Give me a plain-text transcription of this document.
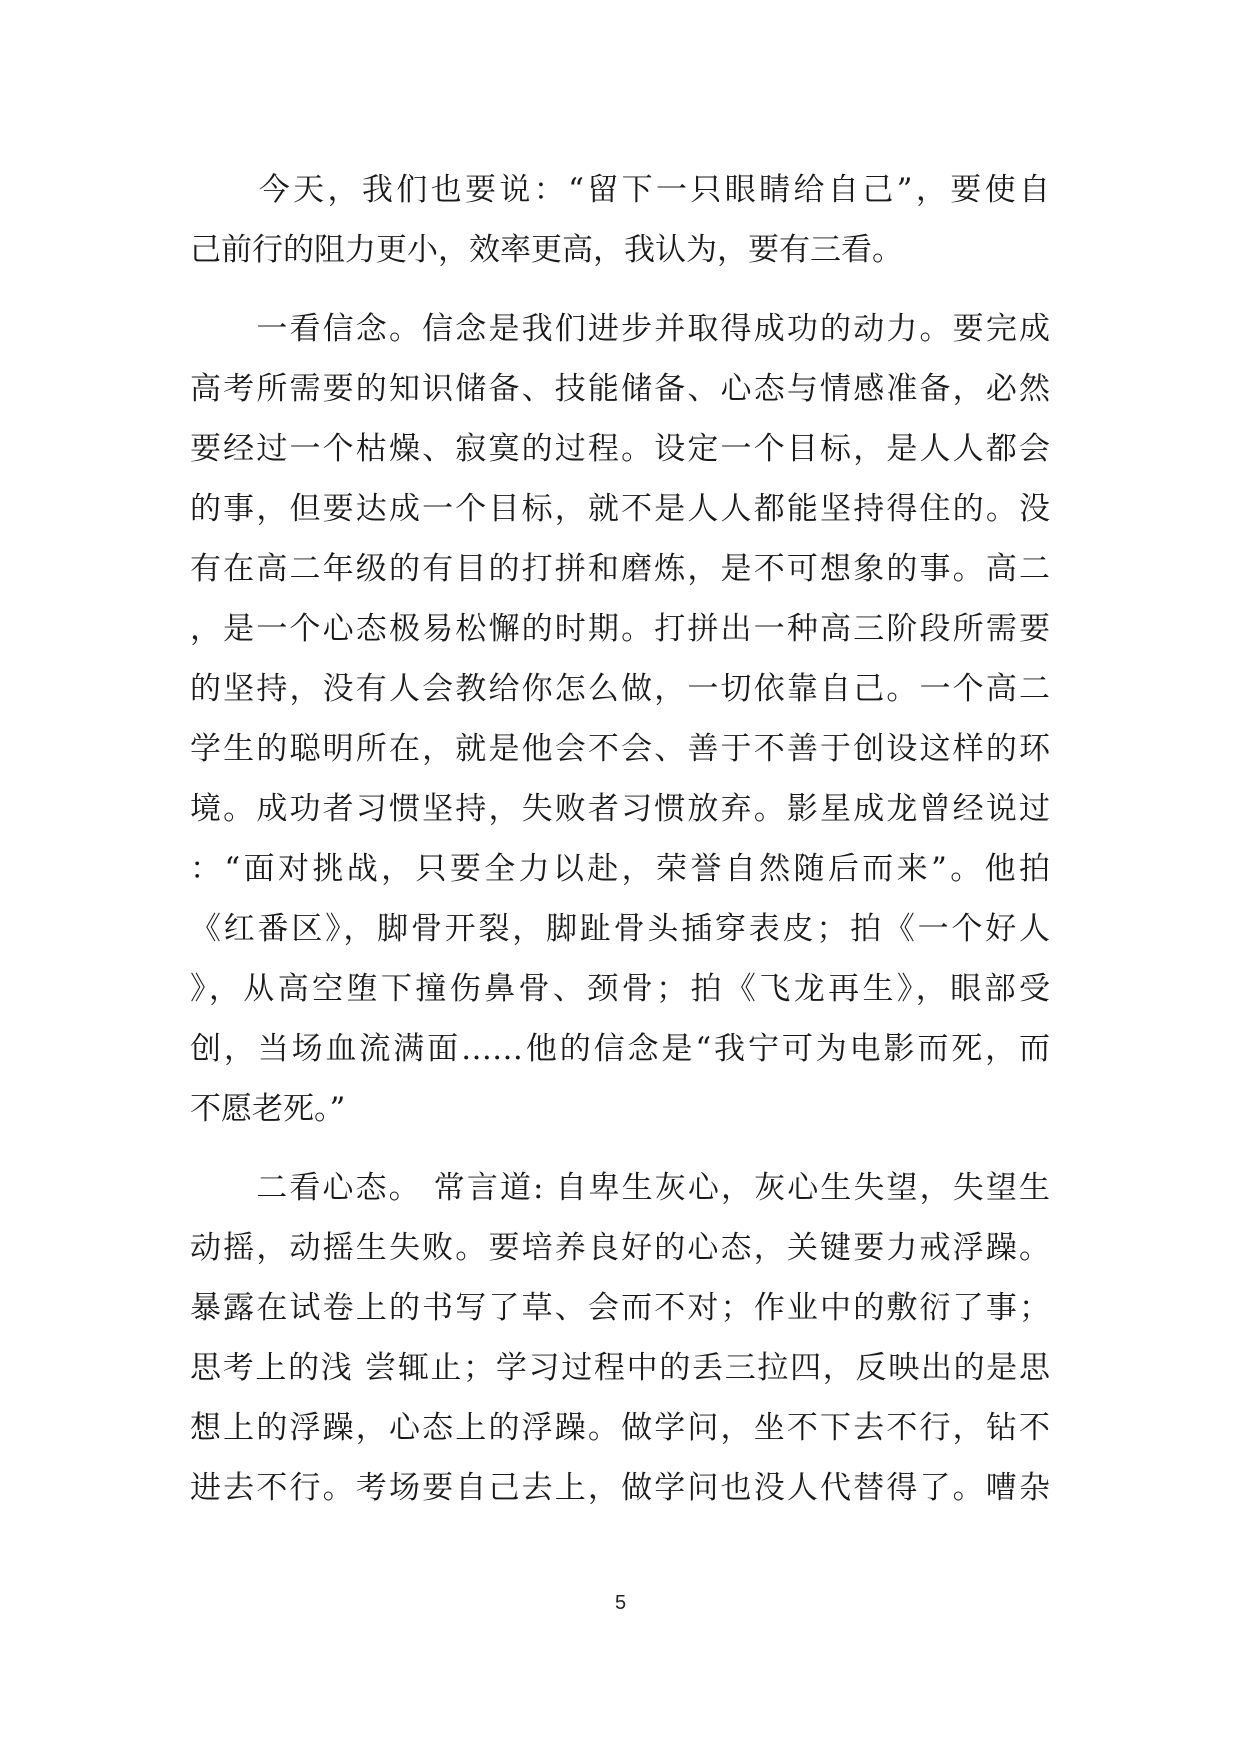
　　今天，我们也要说：“留下一只眼睛给自己”，要使自
己前行的阻力更小，效率更高，我认为，要有三看。
　　一看信念。信念是我们进步并取得成功的动力。要完成
高考所需要的知识储备、技能储备、心态与情感准备，必然
要经过一个枯燥、寂寞的过程。设定一个目标，是人人都会
的事，但要达成一个目标，就不是人人都能坚持得住的。没
有在高二年级的有目的打拼和磨炼，是不可想象的事。高二
，是一个心态极易松懈的时期。打拼出一种高三阶段所需要
的坚持，没有人会教给你怎么做，一切依靠自己。一个高二
学生的聪明所在，就是他会不会、善于不善于创设这样的环
境。成功者习惯坚持，失败者习惯放弃。影星成龙曾经说过
：“面对挑战，只要全力以赴，荣誉自然随后而来”。他拍
《红番区》，脚骨开裂，脚趾骨头插穿表皮；拍《一个好人
》，从高空堕下撞伤鼻骨、颈骨；拍《飞龙再生》，眼部受
创，当场血流满面……他的信念是“我宁可为电影而死，而
不愿老死。”
　　二看心态。 常言道: 自卑生灰心，灰心生失望，失望生
动摇，动摇生失败。要培养良好的心态，关键要力戒浮躁。
暴露在试卷上的书写了草、会而不对；作业中的敷衍了事；
思考上的浅 尝辄止；学习过程中的丢三拉四，反映出的是思
想上的浮躁，心态上的浮躁。做学问，坐不下去不行，钻不
进去不行。考场要自己去上，做学问也没人代替得了。嘈杂
5
